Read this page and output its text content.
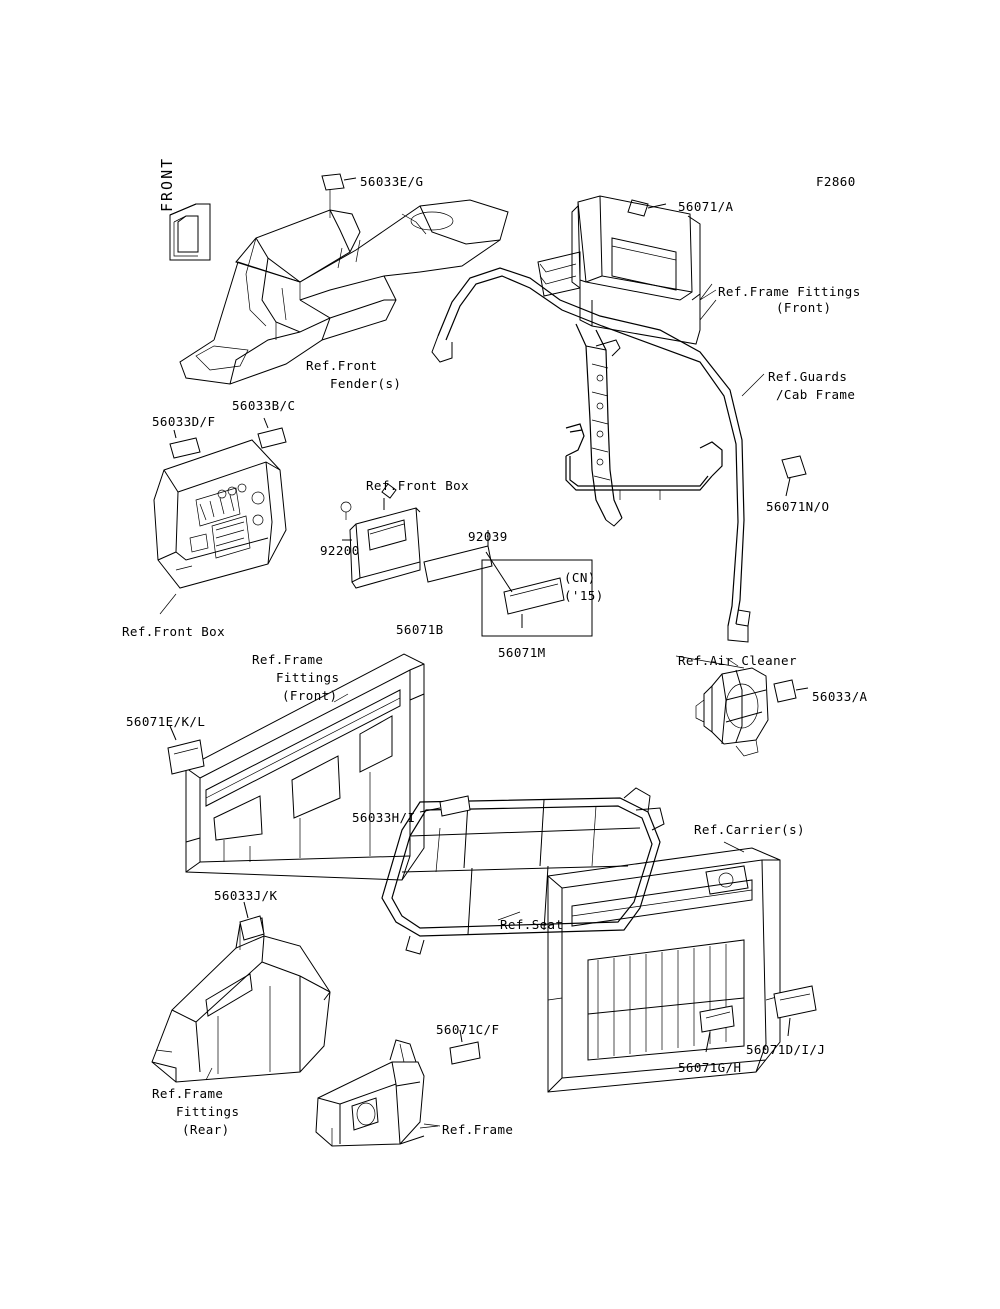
FRONT	F2860
56033E/G
56071/A
Ref.Frame Fittings
(Front)
Ref.Front
Fender(s)	Ref.Guards
/Cab Frame
56033B/C
56033D/F
56071N/O
Ref.Front Box
92200
92039
(CN)
('15)
Ref.Front Box	56071B
56071M
Ref.Air Cleaner
Ref.Frame
Fittings
(Front)	56033/A
56071E/K/L
56033H/I
Ref.Carrier(s)
56033J/K
Ref.Seat
56071C/F
56071D/I/J
56071G/H
Ref.Frame
Fittings
(Rear)	Ref.Frame
